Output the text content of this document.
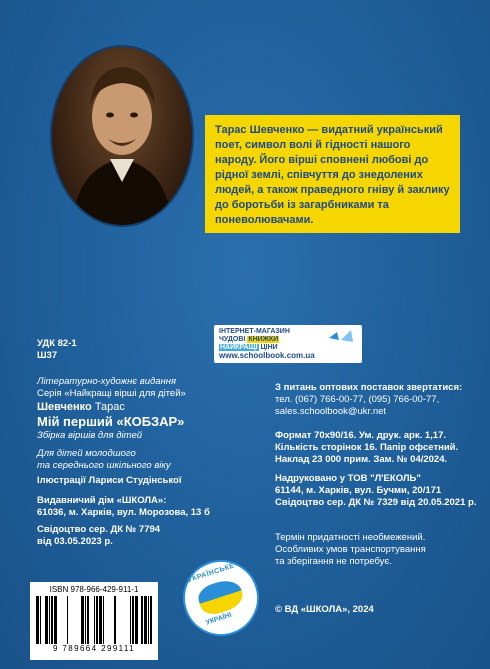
Тарас Шевченко — видатний український поет, символ волі й гідності нашого народу. Його вірші сповнені любові до рідної землі, співчуття до знедолених людей, а також праведного гніву й заклику до боротьби із загарбниками та поневолювачами.
ІНТЕРНЕТ-МАГАЗИН
ЧУДОВІ КНИЖКИ
НАЙКРАЩІ ЦІНИ
www.schoolbook.com.ua
УДК 82-1
Ш37
Літературно-художнє видання
Серія «Найкращі вірші для дітей»
Шевченко Тарас
Мій перший «КОБЗАР»
Збірка віршів для дітей
Для дітей молодшого
та середнього шкільного віку
Ілюстрації Лариси Студінської
Видавничий дім «ШКОЛА»:
61036, м. Харків, вул. Морозова, 13 б
Свідоцтво сер. ДК № 7794
від 03.05.2023 р.
З питань оптових поставок звертатися:
тел. (067) 766-00-77, (095) 766-00-77,
sales.schoolbook@ukr.net
Формат 70х90/16. Ум. друк. арк. 1,17.
Кількість сторінок 16. Папір офсетний.
Наклад 23 000 прим. Зам. № 04/2024.
Надруковано у ТОВ "Л'ЕКОЛЬ"
61144, м. Харків, вул. Бучми, 20/171
Свідоцтво сер. ДК № 7329 від 20.05.2021 р.
Термін придатності необмежений.
Особливих умов транспортування
та зберігання не потребує.
© ВД «ШКОЛА», 2024
УКРАЇНСЬКЕ
УКРАЇНІ
ISBN 978-966-429-911-1
9 789664 299111
